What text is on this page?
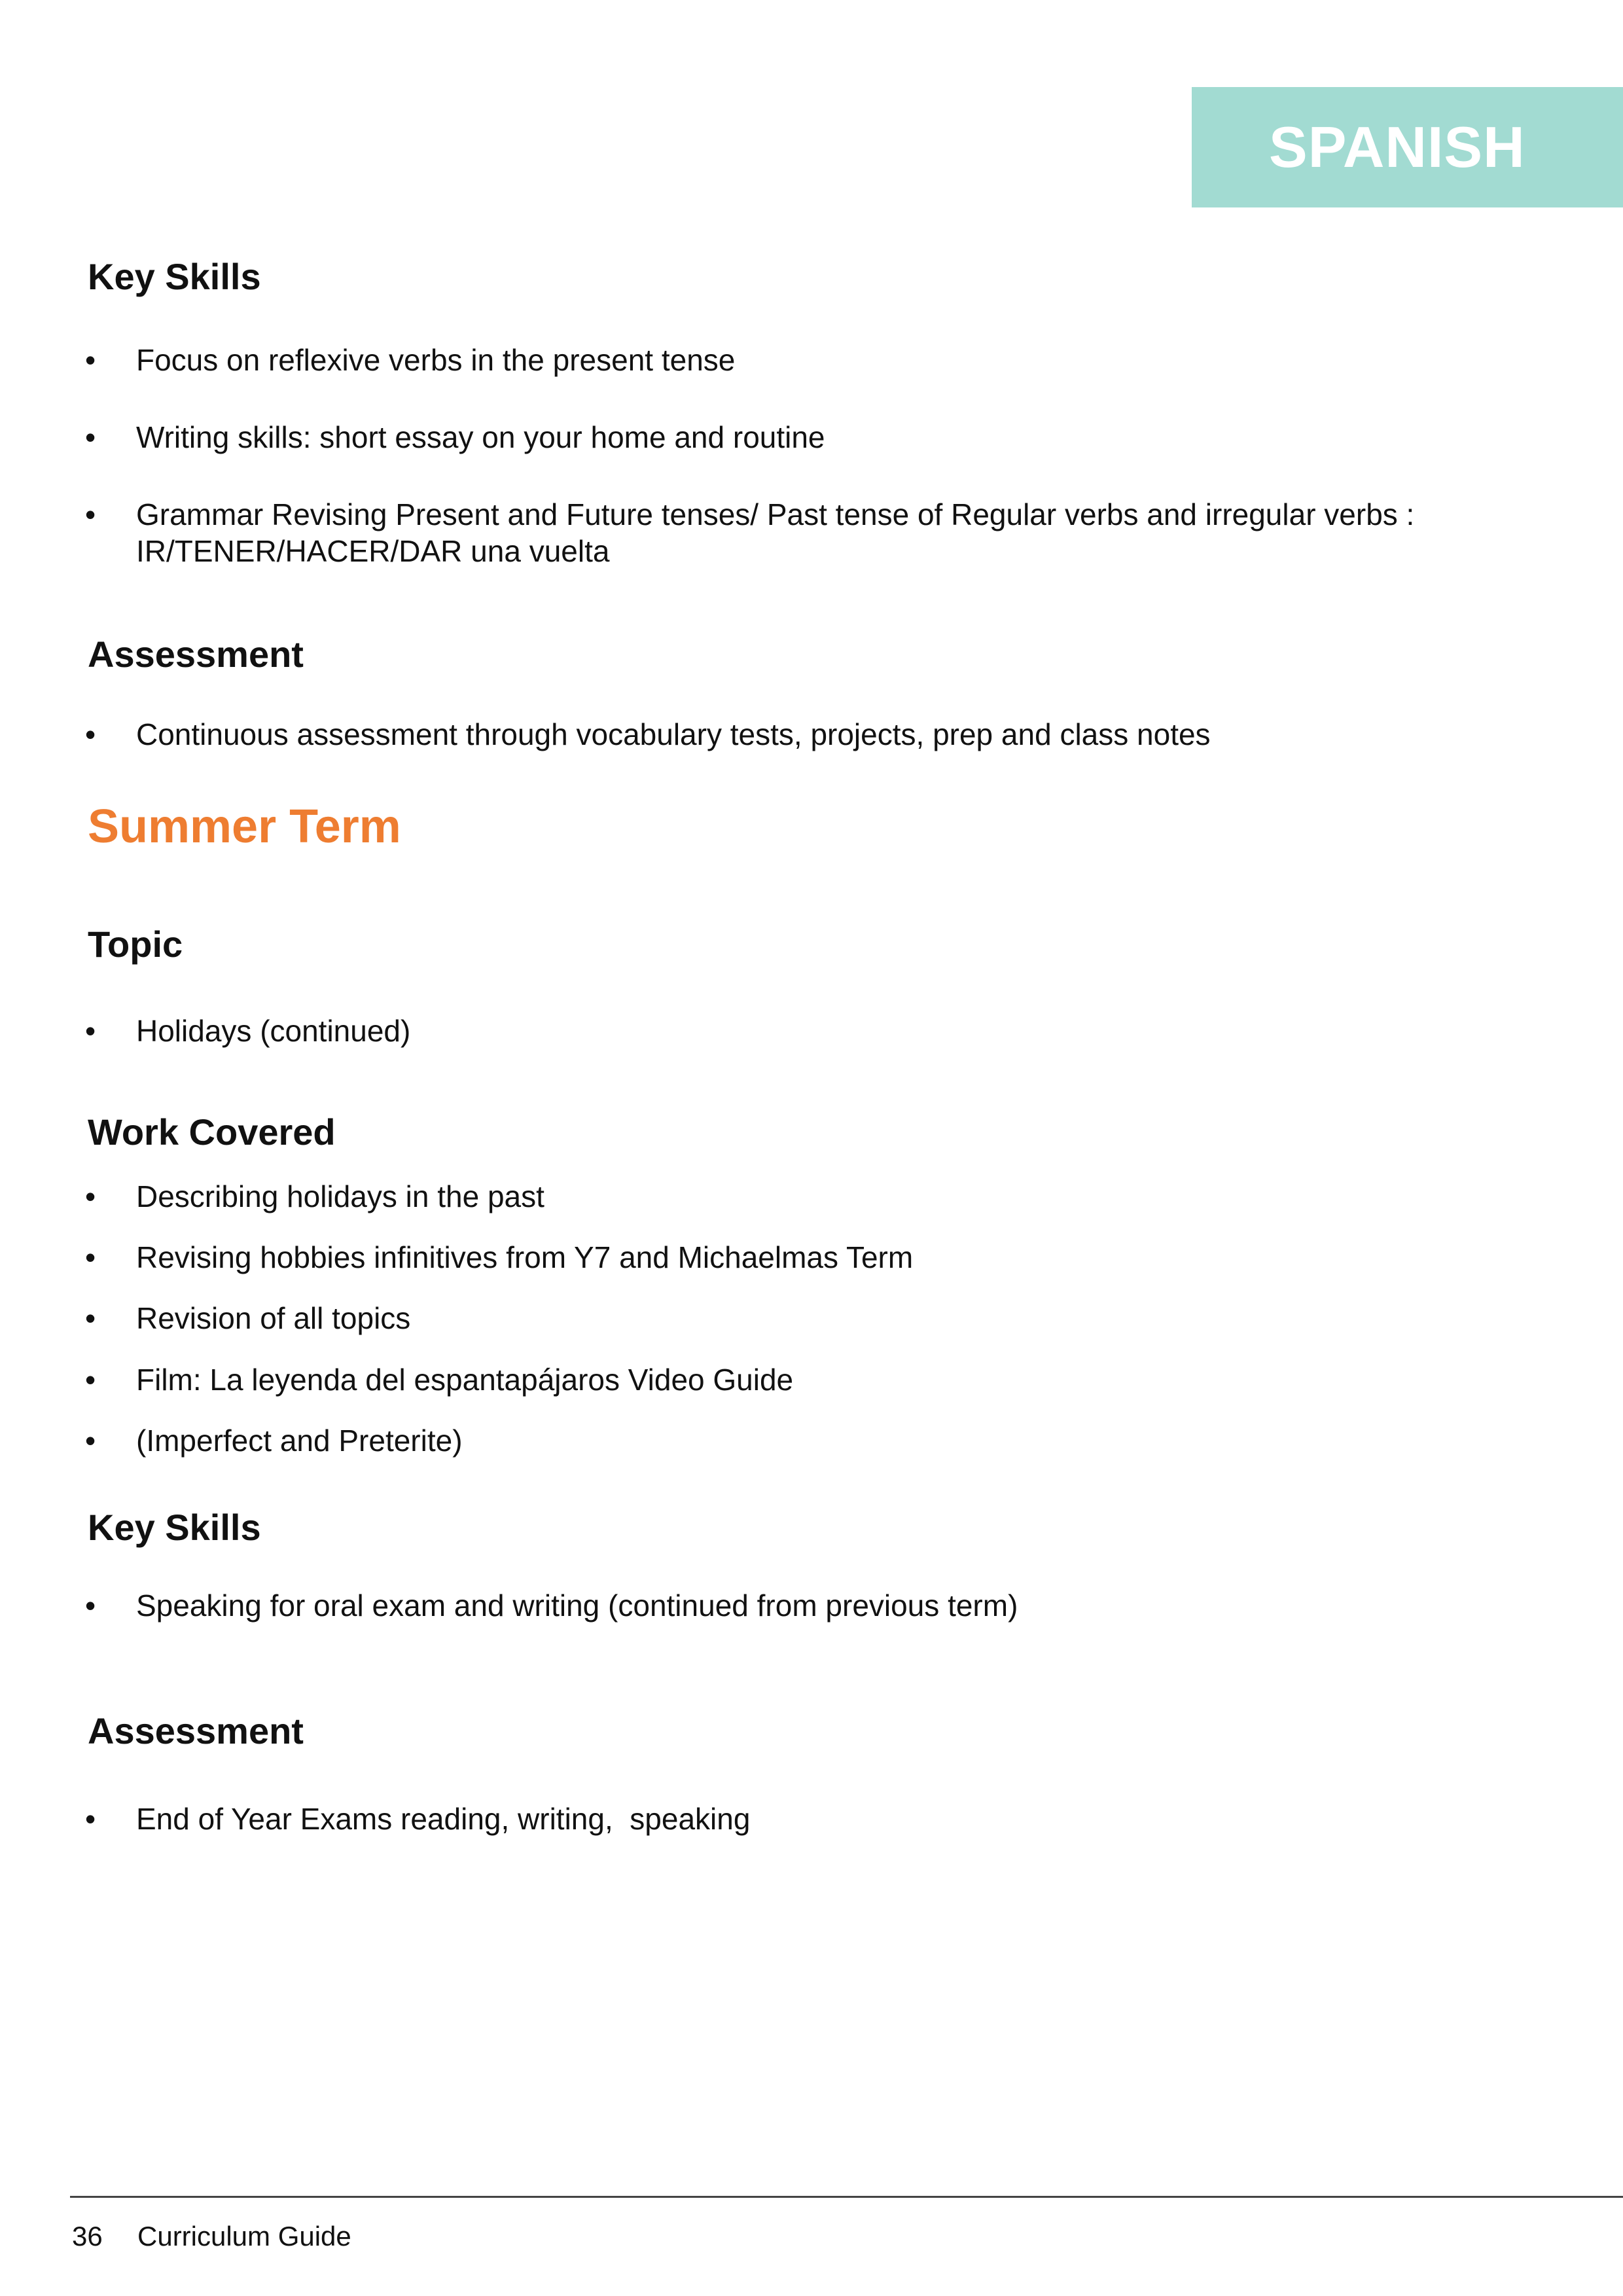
SPANISH
Key Skills
•	Focus on reflexive verbs in the present tense
•	Writing skills: short essay on your home and routine
•	Grammar Revising Present and Future tenses/ Past tense of Regular verbs and irregular verbs : IR/TENER/HACER/DAR una vuelta
Assessment
•	Continuous assessment through vocabulary tests, projects, prep and class notes
Summer Term
Topic
•	Holidays (continued)
Work Covered
•	Describing holidays in the past
•	Revising hobbies infinitives from Y7 and Michaelmas Term
•	Revision of all topics
•	Film: La leyenda del espantapájaros Video Guide
•	(Imperfect and Preterite)
Key Skills
•	Speaking for oral exam and writing (continued from previous term)
Assessment
•	End of Year Exams reading, writing,  speaking
36 Curriculum Guide
